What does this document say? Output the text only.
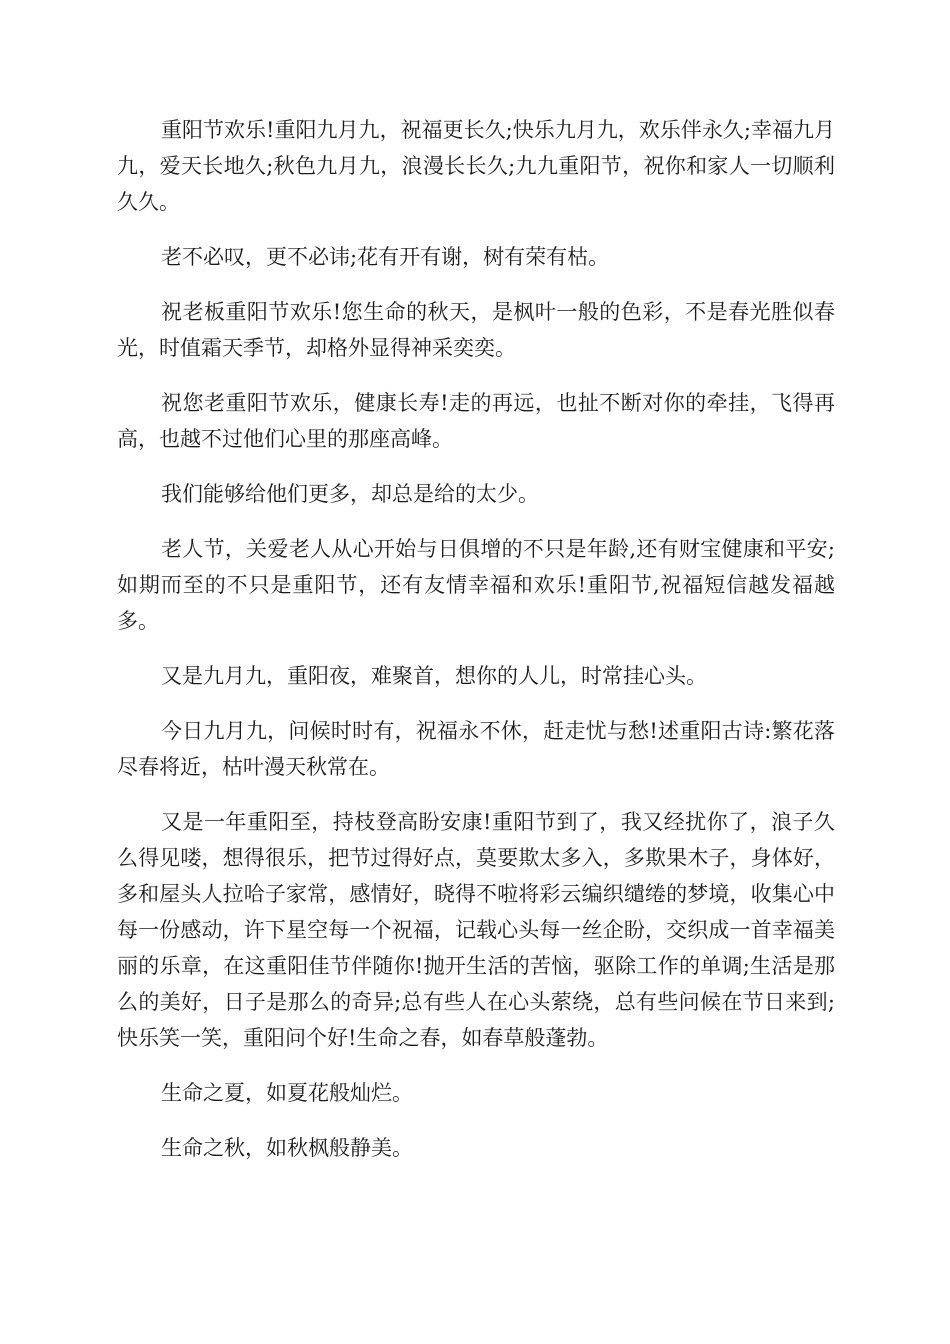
重阳节欢乐!重阳九月九，祝福更长久;快乐九月九，欢乐伴永久;幸福九月九，爱天长地久;秋色九月九，浪漫长长久;九九重阳节，祝你和家人一切顺利久久。

老不必叹，更不必讳;花有开有谢，树有荣有枯。

祝老板重阳节欢乐!您生命的秋天，是枫叶一般的色彩，不是春光胜似春光，时值霜天季节，却格外显得神采奕奕。

祝您老重阳节欢乐，健康长寿!走的再远，也扯不断对你的牵挂，飞得再高，也越不过他们心里的那座高峰。

我们能够给他们更多，却总是给的太少。

老人节，关爱老人从心开始与日俱增的不只是年龄,还有财宝健康和平安;如期而至的不只是重阳节，还有友情幸福和欢乐!重阳节,祝福短信越发福越多。

又是九月九，重阳夜，难聚首，想你的人儿，时常挂心头。

今日九月九，问候时时有，祝福永不休，赶走忧与愁!述重阳古诗:繁花落尽春将近，枯叶漫天秋常在。

又是一年重阳至，持枝登高盼安康!重阳节到了，我又经扰你了，浪子久么得见喽，想得很乐，把节过得好点，莫要欺太多入，多欺果木子，身体好，多和屋头人拉哈子家常，感情好，晓得不啦将彩云编织缱绻的梦境，收集心中每一份感动，许下星空每一个祝福，记载心头每一丝企盼，交织成一首幸福美丽的乐章，在这重阳佳节伴随你!抛开生活的苦恼，驱除工作的单调;生活是那么的美好，日子是那么的奇异;总有些人在心头萦绕，总有些问候在节日来到;快乐笑一笑，重阳问个好!生命之春，如春草般蓬勃。

生命之夏，如夏花般灿烂。

生命之秋，如秋枫般静美。
